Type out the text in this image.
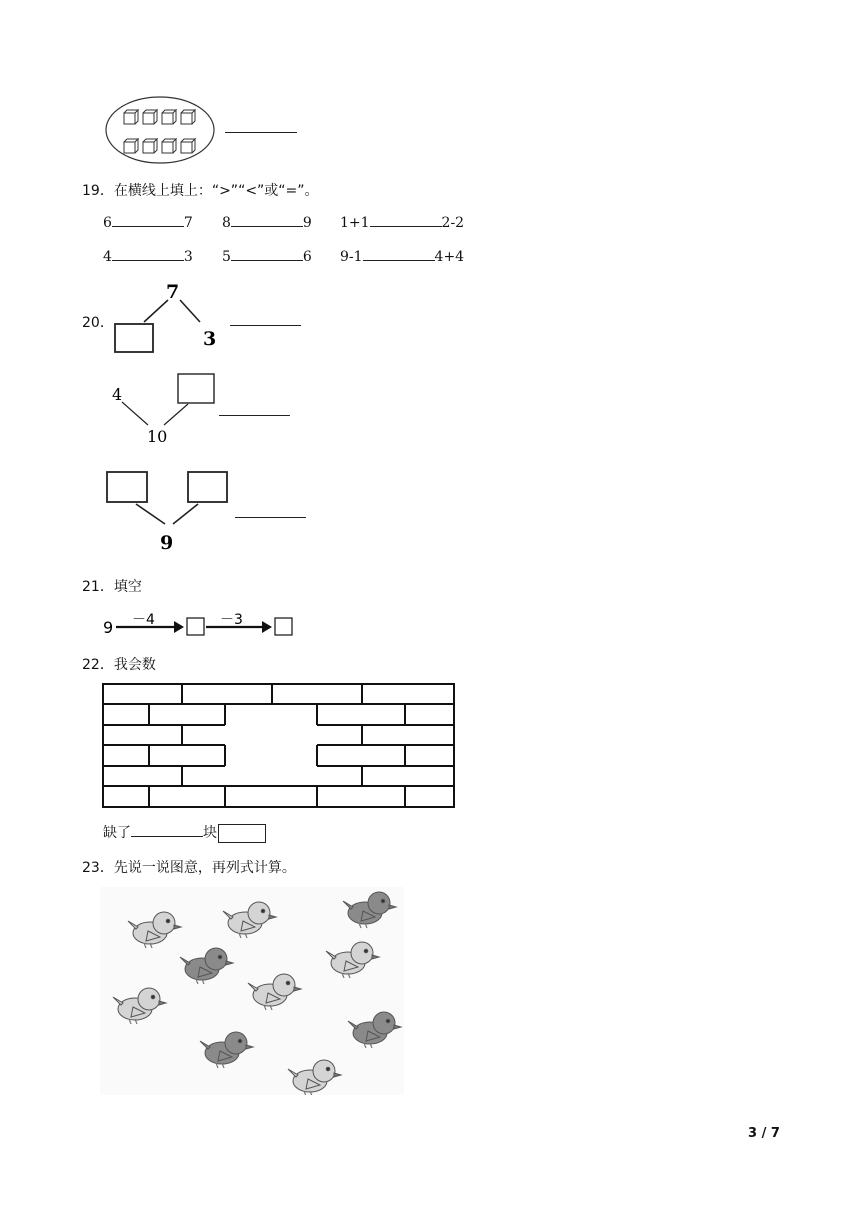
19．在横线上填上：“>”“<”或“=”。
6	7 8	9 1+1	2-2
4	3 5	6 9-1	4+4
20．
7
3
4
10
9
21．填空
9 －4	－3
22．我会数
缺了	块
23．先说一说图意，再列式计算。
3 / 7
